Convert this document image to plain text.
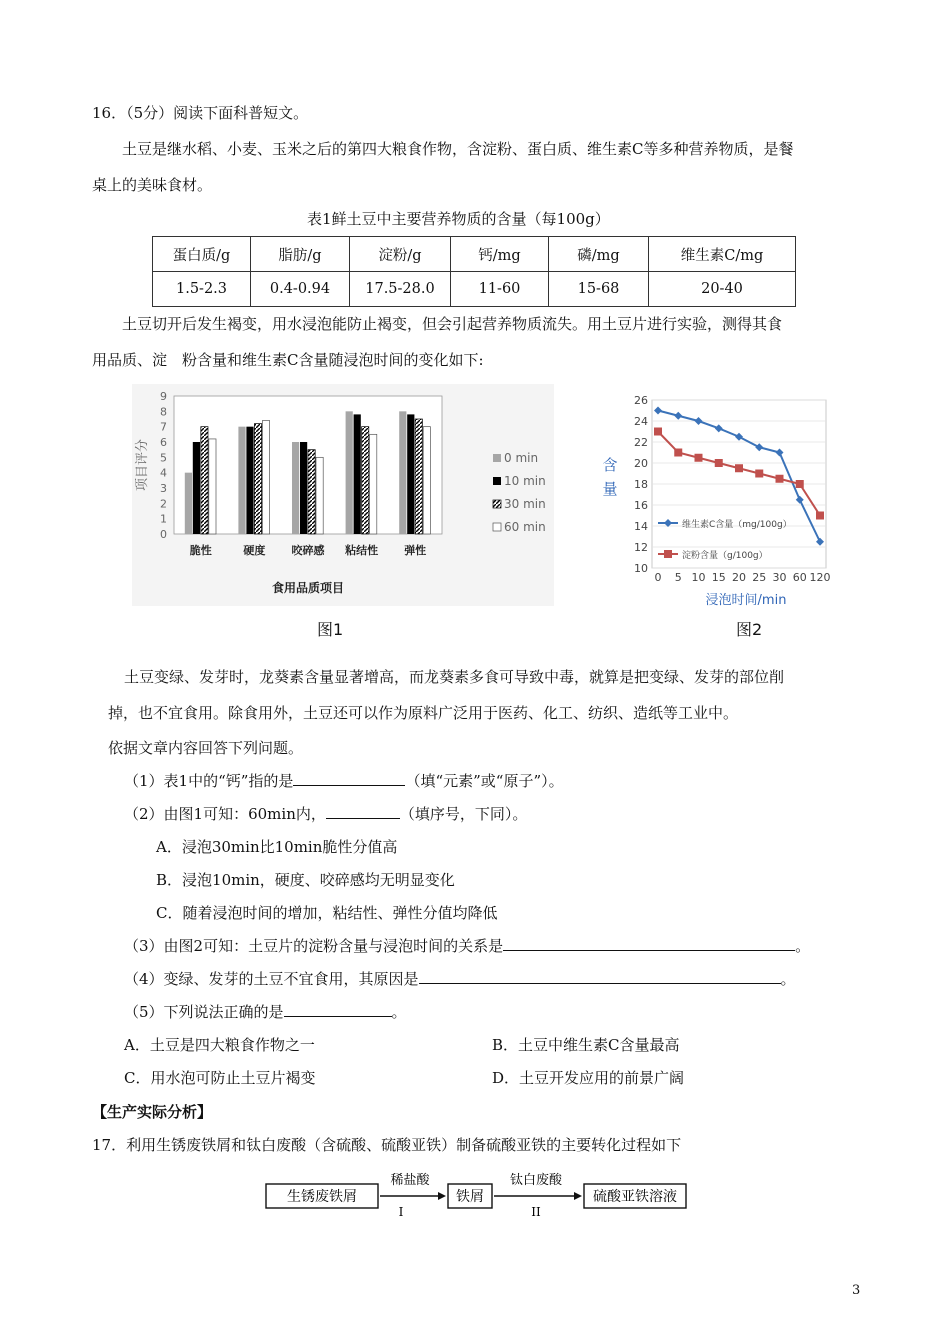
16．（5分）阅读下面科普短文。
土豆是继水稻、小麦、玉米之后的第四大粮食作物，含淀粉、蛋白质、维生素C等多种营养物质，是餐
桌上的美味食材。
表1鲜土豆中主要营养物质的含量（每100g）
蛋白质/g	脂肪/g	淀粉/g	钙/mg	磷/mg	维生素C/mg
1.5-2.3	0.4-0.94	17.5-28.0	11-60	15-68	20-40
土豆切开后发生褐变，用水浸泡能防止褐变，但会引起营养物质流失。用土豆片进行实验，测得其食
用品质、淀　粉含量和维生素C含量随浸泡时间的变化如下:
0
1
2
3
4
5
6
7
8
9
项目评分
脆性	硬度 咬碎感 粘结性 弹性
食用品质项目
0 min
10 min
30 min
60 min
图1
10
12
14
16
18
20
22
24
26
0 5 10 15 20 25 30 60 120
浸泡时间/min
含
量
维生素C含量（mg/100g）
淀粉含量（g/100g）
图2
土豆变绿、发芽时，龙葵素含量显著增高，而龙葵素多食可导致中毒，就算是把变绿、发芽的部位削
掉，也不宜食用。除食用外，土豆还可以作为原料广泛用于医药、化工、纺织、造纸等工业中。
依据文章内容回答下列问题。
（1）表1中的“钙”指的是	（填“元素”或“原子”）。
（2）由图1可知：60min内，	（填序号，下同）。
A．浸泡30min比10min脆性分值高
B．浸泡10min，硬度、咬碎感均无明显变化
C．随着浸泡时间的增加，粘结性、弹性分值均降低
（3）由图2可知：土豆片的淀粉含量与浸泡时间的关系是	。
（4）变绿、发芽的土豆不宜食用，其原因是	。
（5）下列说法正确的是	。
A．土豆是四大粮食作物之一	B．土豆中维生素C含量最高
C．用水泡可防止土豆片褐变	D．土豆开发应用的前景广阔
【生产实际分析】
17．利用生锈废铁屑和钛白废酸（含硫酸、硫酸亚铁）制备硫酸亚铁的主要转化过程如下
生锈废铁屑
稀盐酸
I
铁屑
钛白废酸
II
硫酸亚铁溶液
3
